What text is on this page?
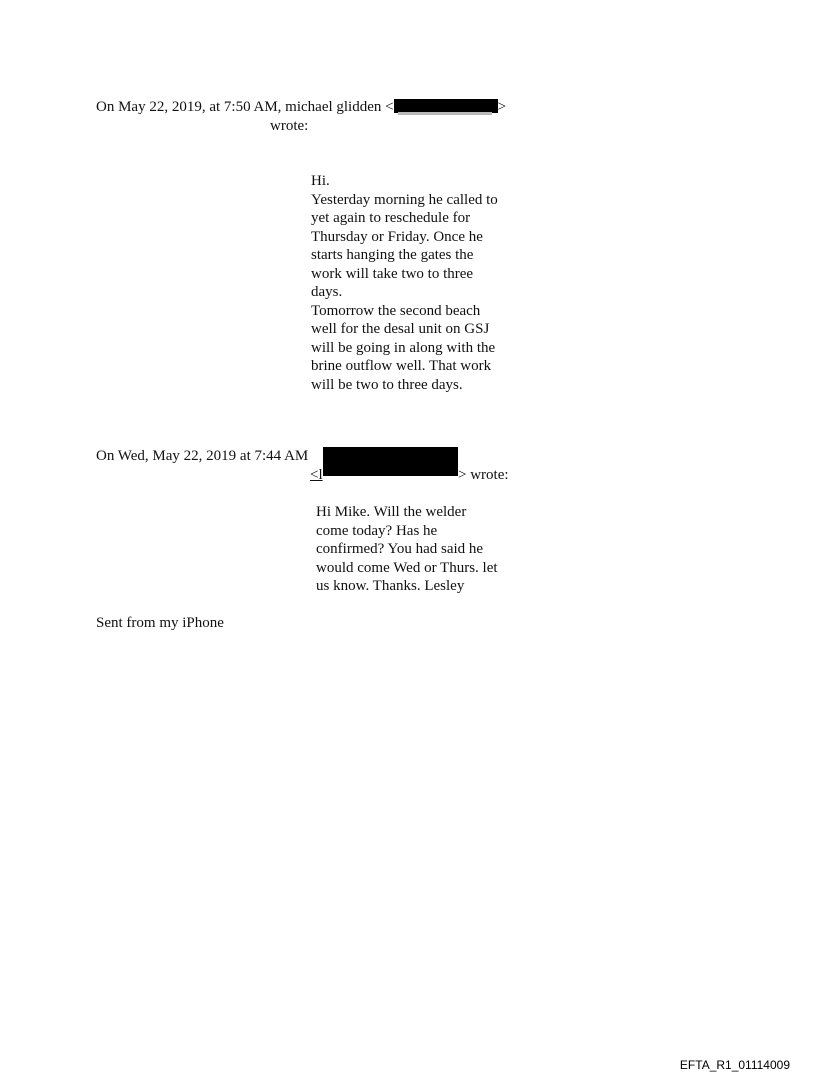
On May 22, 2019, at 7:50 AM, michael glidden <	>
wrote:
Hi.
Yesterday morning he called to
yet again to reschedule for
Thursday or Friday. Once he
starts hanging the gates the
work will take two to three
days.
Tomorrow the second beach
well for the desal unit on GSJ
will be going in along with the
brine outflow well. That work
will be two to three days.
On Wed, May 22, 2019 at 7:44 AM
<l	> wrote:
Hi Mike. Will the welder
come today? Has he
confirmed? You had said he
would come Wed or Thurs. let
us know. Thanks. Lesley
Sent from my iPhone
EFTA_R1_01114009
